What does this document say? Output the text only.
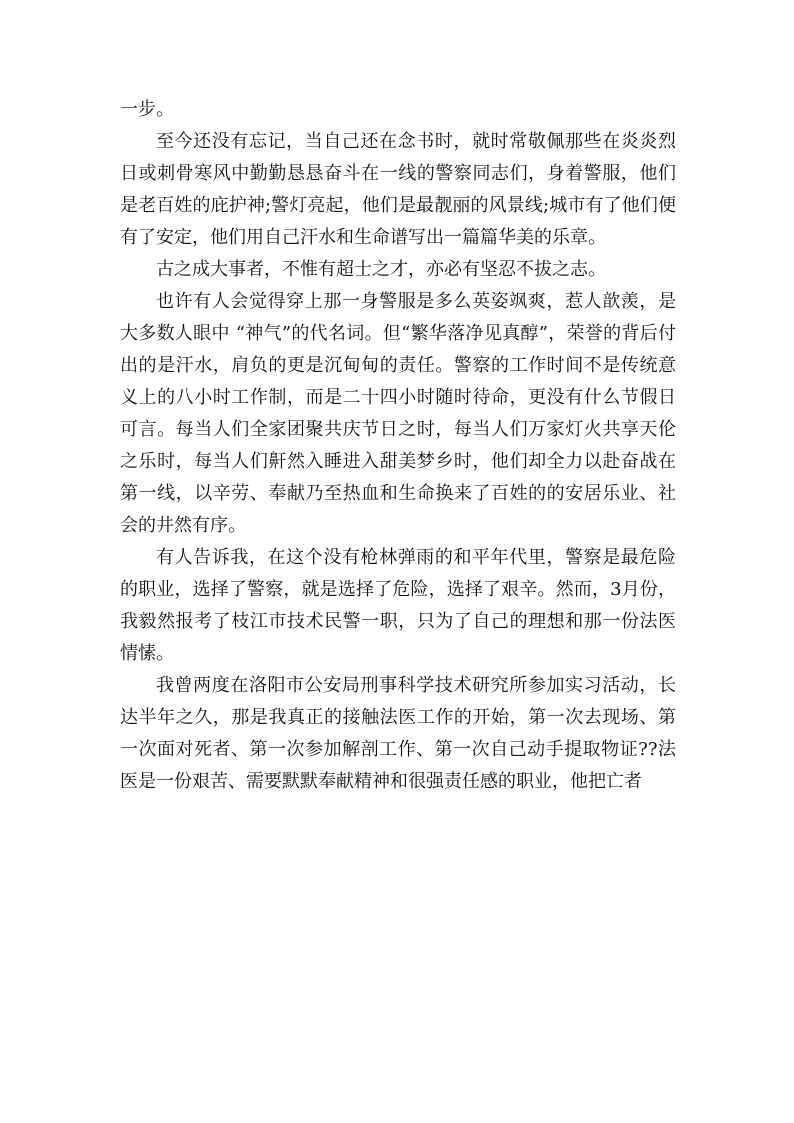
一步。

至今还没有忘记，当自己还在念书时，就时常敬佩那些在炎炎烈日或刺骨寒风中勤勤恳恳奋斗在一线的警察同志们，身着警服，他们是老百姓的庇护神;警灯亮起，他们是最靓丽的风景线;城市有了他们便有了安定，他们用自己汗水和生命谱写出一篇篇华美的乐章。

古之成大事者，不惟有超士之才，亦必有坚忍不拔之志。

也许有人会觉得穿上那一身警服是多么英姿飒爽，惹人歆羡，是大多数人眼中 “神气”的代名词。但“繁华落净见真醇”，荣誉的背后付出的是汗水，肩负的更是沉甸甸的责任。警察的工作时间不是传统意义上的八小时工作制，而是二十四小时随时待命，更没有什么节假日可言。每当人们全家团聚共庆节日之时，每当人们万家灯火共享天伦之乐时，每当人们鼾然入睡进入甜美梦乡时，他们却全力以赴奋战在第一线，以辛劳、奉献乃至热血和生命换来了百姓的的安居乐业、社会的井然有序。

有人告诉我，在这个没有枪林弹雨的和平年代里，警察是最危险的职业，选择了警察，就是选择了危险，选择了艰辛。然而，3月份，我毅然报考了枝江市技术民警一职，只为了自己的理想和那一份法医情愫。

我曾两度在洛阳市公安局刑事科学技术研究所参加实习活动，长达半年之久，那是我真正的接触法医工作的开始，第一次去现场、第一次面对死者、第一次参加解剖工作、第一次自己动手提取物证??法医是一份艰苦、需要默默奉献精神和很强责任感的职业，他把亡者
